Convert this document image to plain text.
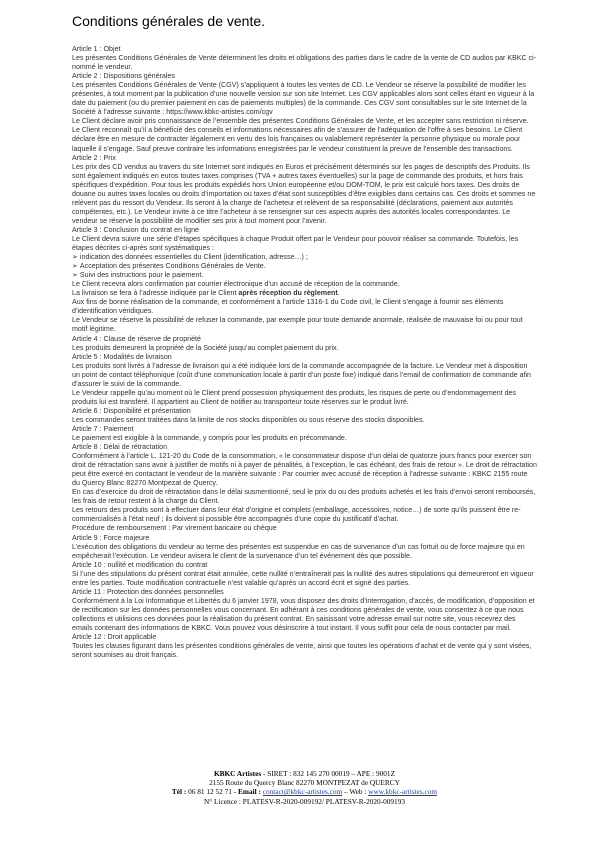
Conditions générales de vente.

Article 1 : Objet

Les présentes Conditions Générales de Vente déterminent les droits et obligations des parties dans le cadre de la vente de CD audios par KBKC ci-nommé le vendeur.

Article 2 : Dispositions générales

Les présentes Conditions Générales de Vente (CGV) s’appliquent à toutes les ventes de CD. Le Vendeur se réserve la possibilité de modifier les présentes, à tout moment par la publication d’une nouvelle version sur son site Internet. Les CGV applicables alors sont celles étant en vigueur à la date du paiement (ou du premier paiement en cas de paiements multiples) de la commande. Ces CGV sont consultables sur le site Internet de la Société à l’adresse suivante : https://www.kbkc-artistes.com/cgv

Le Client déclare avoir pris connaissance de l’ensemble des présentes Conditions Générales de Vente, et les accepter sans restriction ni réserve. Le Client reconnaît qu’il a bénéficié des conseils et informations nécessaires afin de s’assurer de l’adéquation de l’offre à ses besoins. Le Client déclare être en mesure de contracter légalement en vertu des lois françaises ou valablement représenter la personne physique ou morale pour laquelle il s’engage. Sauf preuve contraire les informations enregistrées par le vendeur constituent la preuve de l’ensemble des transactions.

Article 2 : Prix

Les prix des CD vendus au travers du site Internet sont indiqués en Euros et précisément déterminés sur les pages de descriptifs des Produits. Ils sont également indiqués en euros toutes taxes comprises (TVA + autres taxes éventuelles) sur la page de commande des produits, et hors frais spécifiques d’expédition. Pour tous les produits expédiés hors Union européenne et/ou DOM-TOM, le prix est calculé hors taxes. Des droits de douane ou autres taxes locales ou droits d’importation ou taxes d’état sont susceptibles d’être exigibles dans certains cas. Ces droits et sommes ne relèvent pas du ressort du Vendeur. Ils seront à la charge de l’acheteur et relèvent de sa responsabilité (déclarations, paiement aux autorités compétentes, etc.). Le Vendeur invite à ce titre l’acheteur à se renseigner sur ces aspects auprès des autorités locales correspondantes. Le vendeur se réserve la possibilité de modifier ses prix à tout moment pour l’avenir.

Article 3 : Conclusion du contrat en ligne

Le Client devra suivre une série d’étapes spécifiques à chaque Produit offert par le Vendeur pour pouvoir réaliser sa commande. Toutefois, les étapes décrites ci-après sont systématiques :

➢ indication des données essentielles du Client (identification, adresse…) ;

➢ Acceptation des présentes Conditions Générales de Vente.

➢ Suivi des instructions pour le paiement.

Le Client recevra alors confirmation par courrier électronique d’un accusé de réception de la commande.

La livraison se fera à l’adresse indiquée par le Client après réception du règlement.

Aux fins de bonne réalisation de la commande, et conformément à l’article 1316-1 du Code civil, le Client s’engage à fournir ses éléments d’identification véridiques.

Le Vendeur se réserve la possibilité de refuser la commande, par exemple pour toute demande anormale, réalisée de mauvaise foi ou pour tout motif légitime.

Article 4 : Clause de réserve de propriété

Les produits demeurent la propriété de la Société jusqu’au complet paiement du prix.

Article 5 : Modalités de livraison

Les produits sont livrés à l’adresse de livraison qui a été indiquée lors de la commande accompagnée de la facture. Le Vendeur met à disposition un point de contact téléphonique (coût d’une communication locale à partir d’un poste fixe) indiqué dans l’email de confirmation de commande afin d’assurer le suivi de la commande.

Le Vendeur rappelle qu’au moment où le Client prend possession physiquement des produits, les risques de perte ou d’endommagement des produits lui est transféré. Il appartient au Client de notifier au transporteur toute réserves sur le produit livré.

Article 6 : Disponibilité et présentation

Les commandes seront traitées dans la limite de nos stocks disponibles ou sous réserve des stocks disponibles.

Article 7 : Paiement

Le paiement est exigible à la commande, y compris pour les produits en précommande.

Article 8 : Délai de rétractation

Conformément à l’article L. 121-20 du Code de la consommation, « le consommateur dispose d’un délai de quatorze jours francs pour exercer son droit de rétractation sans avoir à justifier de motifs ni à payer de pénalités, à l’exception, le cas échéant, des frais de retour ». Le droit de rétractation peut être exercé en contactant le vendeur de la manière suivante : Par courrier avec accusé de réception à l’adresse suivante : KBKC 2155 route du Quercy Blanc 82270 Montpezat de Quercy.

En cas d’exercice du droit de rétractation dans le délai susmentionné, seul le prix du ou des produits achetés et les frais d’envoi seront remboursés, les frais de retour restent à la charge du Client.

Les retours des produits sont à effectuer dans leur état d’origine et complets (emballage, accessoires, notice…) de sorte qu’ils puissent être re-commercialisés à l’état neuf ; ils doivent si possible être accompagnés d’une copie du justificatif d’achat.

Procédure de remboursement : Par virement bancaire ou chèque

Article 9 : Force majeure

L’exécution des obligations du vendeur au terme des présentes est suspendue en cas de survenance d’un cas fortuit ou de force majeure qui en empêcherait l’exécution. Le vendeur avisera le client de la survenance d’un tel événement dès que possible.

Article 10 : nullité et modification du contrat

Si l’une des stipulations du présent contrat était annulée, cette nullité n’entraînerait pas la nullité des autres stipulations qui demeureront en vigueur entre les parties. Toute modification contractuelle n’est valable qu’après un accord écrit et signé des parties.

Article 11 : Protection des données personnelles

Conformément à la Loi Informatique et Libertés du 6 janvier 1978, vous disposez des droits d’interrogation, d’accès, de modification, d’opposition et de rectification sur les données personnelles vous concernant. En adhérant à ces conditions générales de vente, vous consentez à ce que nous collections et utilisions ces données pour la réalisation du présent contrat. En saisissant votre adresse email sur notre site, vous recevrez des emails contenant des informations de KBKC. Vous pouvez vous désinscrire à tout instant. Il vous suffit pour cela de nous contacter par mail.

Article 12 : Droit applicable

Toutes les clauses figurant dans les présentes conditions générales de vente, ainsi que toutes les opérations d’achat et de vente qui y sont visées, seront soumises au droit français.

KBKC Artistes - SIRET : 832 145 270 00019 – APE : 9001Z
2155 Route du Quercy Blanc 82270 MONTPEZAT de QUERCY
Tél : 06 81 12 52 71 - Email : contact@kbkc-artistes.com – Web : www.kbkc-artistes.com
N° Licence : PLATESV-R-2020-009192/ PLATESV-R-2020-009193
